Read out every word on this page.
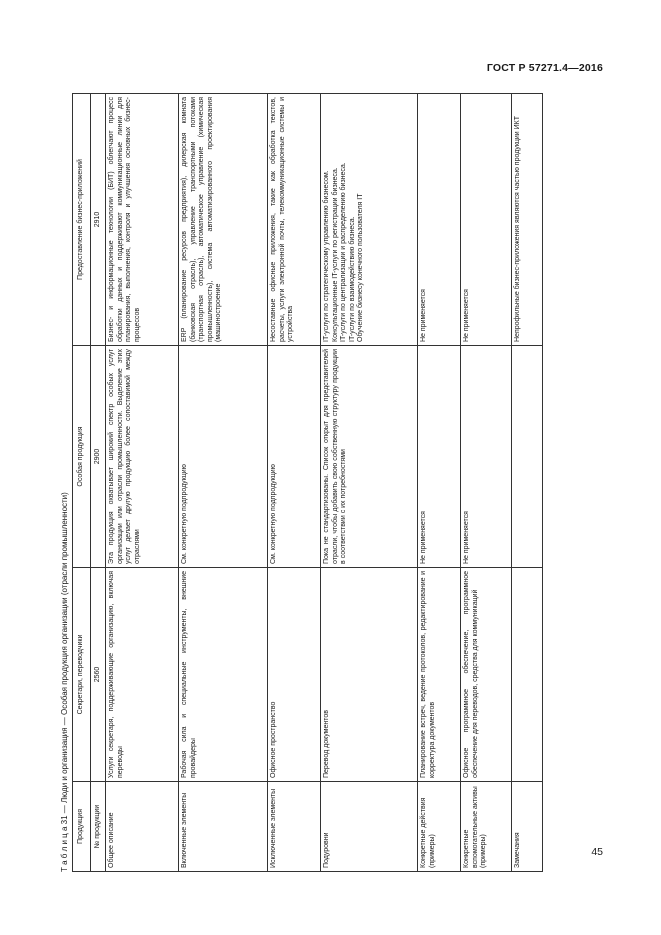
ГОСТ Р 57271.4—2016
Т а б л и ц а 31 — Люди и организация — Особая продукция организации (отрасли промышленности)	Продукция	Секретари, переводчики	Особая продукция	Предоставление бизнес-приложений
№ продукции	2560	2900	2910
Общее описание	Услуги секретаря, поддерживающие организацию, включая переводы	Эта продукция охватывает широкий спектр особых услуг организации или отрасли промышленности. Выделение этих услуг делает другую продукцию более сопоставимой между отраслями	Бизнес- и информационные технологии (БИТ) облегчают процесс обработки данных и поддерживают коммуникационные линии для планирования, выполнения, контроля и улучшения основных бизнес-процессов
Включенные элементы	Рабочая сила и специальные инструменты, внешние провайдеры	См. конкретную подпродукцию	ERP (планирование ресурсов предприятия), дилерская комната (банковская отрасль), управление транспортными потоками (транспортная отрасль), автоматическое управление (химическая промышленность), система автоматизированного проектирования (машиностроение
Исключенные элементы	Офисное пространство	См. конкретную подпродукцию	Несоставные офисные приложения, такие как обработка текстов, расчеты, услуги электронной почты, телекоммуникационные системы и устройства
Подуровни	Перевод документов	Пока не стандартизованы. Список открыт для представителей отрасли, чтобы добавить свою собственную структуру продукции в соответствии с их потребностями	IT-услуги по стратегическому управлению бизнесом.
Консультационные IT-услуги по регистрации бизнеса.
IT-услуги по централизации и распределению бизнеса.
IT-услуги по взаимодействию бизнеса.
Обучение бизнесу конечного пользователя IT
Конкретные действия (примеры)	Планирование встреч, ведение протоколов, редактирование и корректура документов	Не применяется	Не применяется
Конкретные вспомогательные активы (примеры)	Офисное программное обеспечение, программное обеспечение для переводов, средства для коммуникаций	Не применяется	Не применяется
Замечания			Непрофильные бизнес-приложения являются частью продукции ИКТ
45
